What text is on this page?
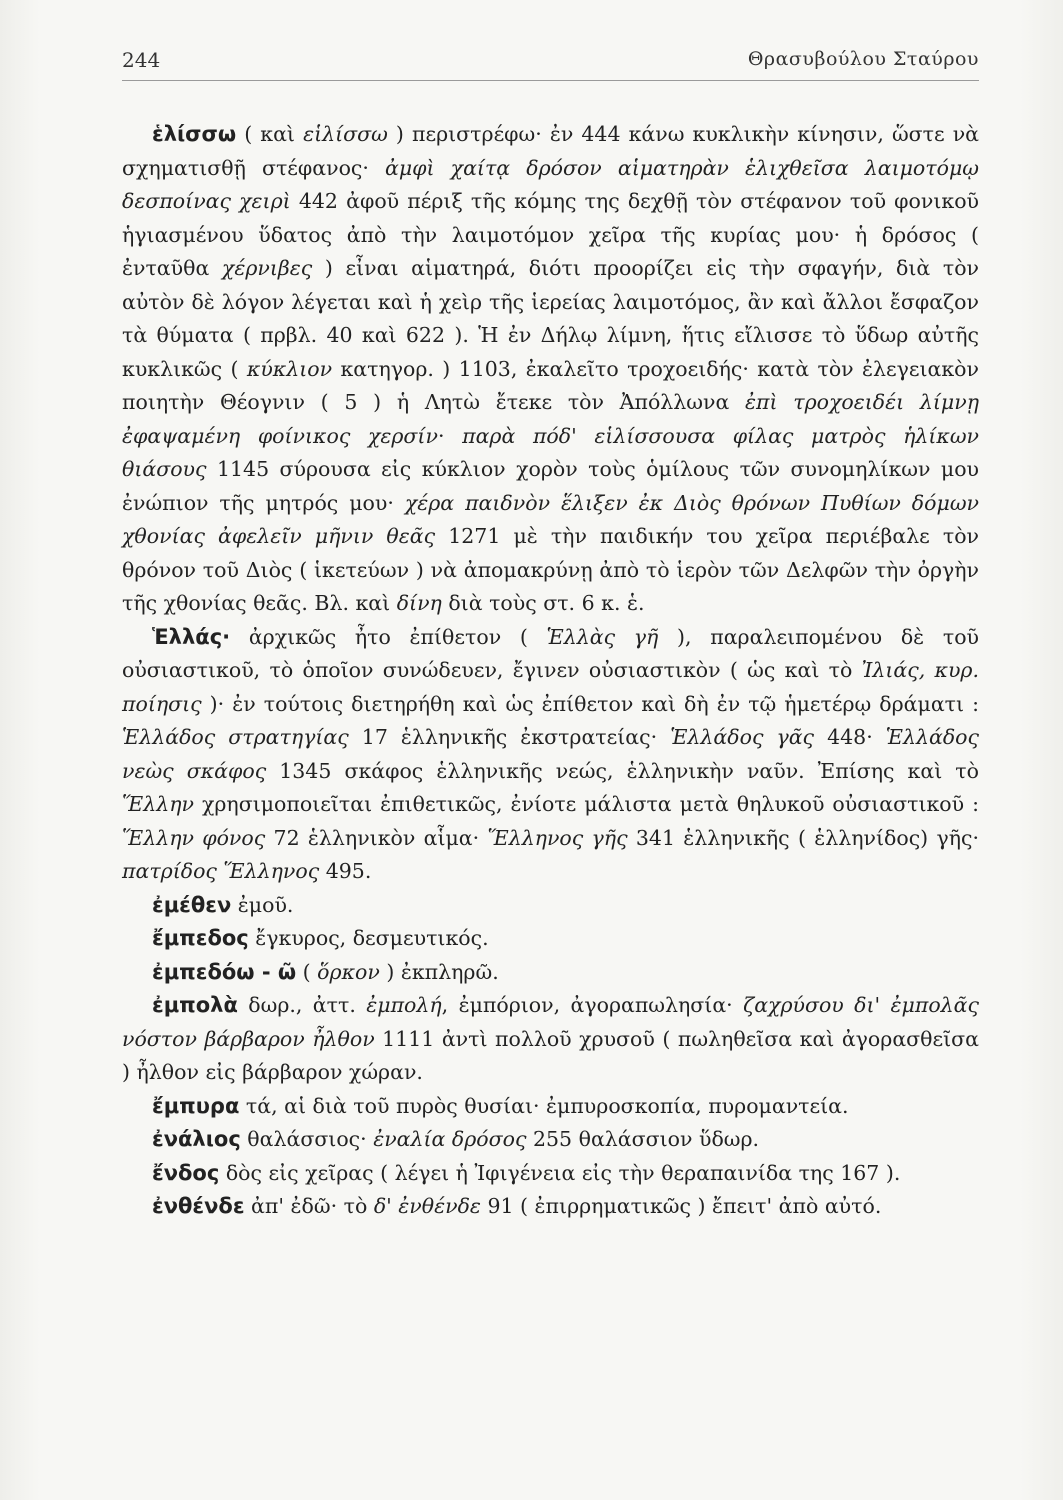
244	Θρασυβούλου Σταύρου

ἑλίσσω ( καὶ εἱλίσσω ) περιστρέφω· ἐν 444 κάνω κυκλικὴν κίνησιν, ὥστε νὰ σχηματισθῇ στέφανος· ἀμφὶ χαίτᾳ δρόσον αἱματηρὰν ἑλιχθεῖσα λαιμοτόμῳ δεσποίνας χειρὶ 442 ἀφοῦ πέριξ τῆς κόμης της δεχθῇ τὸν στέφανον τοῦ φονικοῦ ἡγιασμένου ὕδατος ἀπὸ τὴν λαιμοτόμον χεῖρα τῆς κυρίας μου· ἡ δρόσος ( ἐνταῦθα χέρνιβες ) εἶναι αἱματηρά, διότι προορίζει εἰς τὴν σφαγήν, διὰ τὸν αὐτὸν δὲ λόγον λέγεται καὶ ἡ χεὶρ τῆς ἱερείας λαιμοτόμος, ἂν καὶ ἄλλοι ἔσφαζον τὰ θύματα ( πρβλ. 40 καὶ 622 ). Ἡ ἐν Δήλῳ λίμνη, ἥτις εἴλισσε τὸ ὕδωρ αὐτῆς κυκλικῶς ( κύκλιον κατηγορ. ) 1103, ἐκαλεῖτο τροχοειδής· κατὰ τὸν ἐλεγειακὸν ποιητὴν Θέογνιν ( 5 ) ἡ Λητὼ ἔτεκε τὸν Ἀπόλλωνα ἐπὶ τροχοειδέι λίμνῃ ἐφαψαμένη φοίνικος χερσίν· παρὰ πόδ' εἱλίσσουσα φίλας ματρὸς ἡλίκων θιάσους 1145 σύρουσα εἰς κύκλιον χορὸν τοὺς ὁμίλους τῶν συνομηλίκων μου ἐνώπιον τῆς μητρός μου· χέρα παιδνὸν ἕλιξεν ἐκ Διὸς θρόνων Πυθίων δόμων χθονίας ἀφελεῖν μῆνιν θεᾶς 1271 μὲ τὴν παιδικήν του χεῖρα περιέβαλε τὸν θρόνον τοῦ Διὸς ( ἱκετεύων ) νὰ ἀπομακρύνῃ ἀπὸ τὸ ἱερὸν τῶν Δελφῶν τὴν ὀργὴν τῆς χθονίας θεᾶς. Βλ. καὶ δίνη διὰ τοὺς στ. 6 κ. ἑ.

Ἑλλάς· ἀρχικῶς ἦτο ἐπίθετον ( Ἑλλὰς γῆ ), παραλειπομένου δὲ τοῦ οὐσιαστικοῦ, τὸ ὁποῖον συνώδευεν, ἔγινεν οὐσιαστικὸν ( ὡς καὶ τὸ Ἰλιάς, κυρ. ποίησις )· ἐν τούτοις διετηρήθη καὶ ὡς ἐπίθετον καὶ δὴ ἐν τῷ ἡμετέρῳ δράματι : Ἑλλάδος στρατηγίας 17 ἑλληνικῆς ἐκστρατείας· Ἑλλάδος γᾶς 448· Ἑλλάδος νεὼς σκάφος 1345 σκάφος ἑλληνικῆς νεώς, ἑλληνικὴν ναῦν. Ἐπίσης καὶ τὸ Ἕλλην χρησιμοποιεῖται ἐπιθετικῶς, ἐνίοτε μάλιστα μετὰ θηλυκοῦ οὐσιαστικοῦ : Ἕλλην φόνος 72 ἑλληνικὸν αἷμα· Ἕλληνος γῆς 341 ἑλληνικῆς ( ἑλληνίδος) γῆς· πατρίδος Ἕλληνος 495.

ἐμέθεν ἐμοῦ.

ἔμπεδος ἔγκυρος, δεσμευτικός.

ἐμπεδόω - ῶ ( ὅρκον ) ἐκπληρῶ.

ἐμπολὰ δωρ., ἀττ. ἐμπολή, ἐμπόριον, ἀγοραπωλησία· ζαχρύσου δι' ἐμπολᾶς νόστον βάρβαρον ἦλθον 1111 ἀντὶ πολλοῦ χρυσοῦ ( πωληθεῖσα καὶ ἀγορασθεῖσα ) ἦλθον εἰς βάρβαρον χώραν.

ἔμπυρα τά, αἱ διὰ τοῦ πυρὸς θυσίαι· ἐμπυροσκοπία, πυρομαντεία.

ἐνάλιος θαλάσσιος· ἐναλία δρόσος 255 θαλάσσιον ὕδωρ.

ἔνδος δὸς εἰς χεῖρας ( λέγει ἡ Ἰφιγένεια εἰς τὴν θεραπαινίδα της 167 ).

ἐνθένδε ἀπ' ἐδῶ· τὸ δ' ἐνθένδε 91 ( ἐπιρρηματικῶς ) ἔπειτ' ἀπὸ αὐτό.
